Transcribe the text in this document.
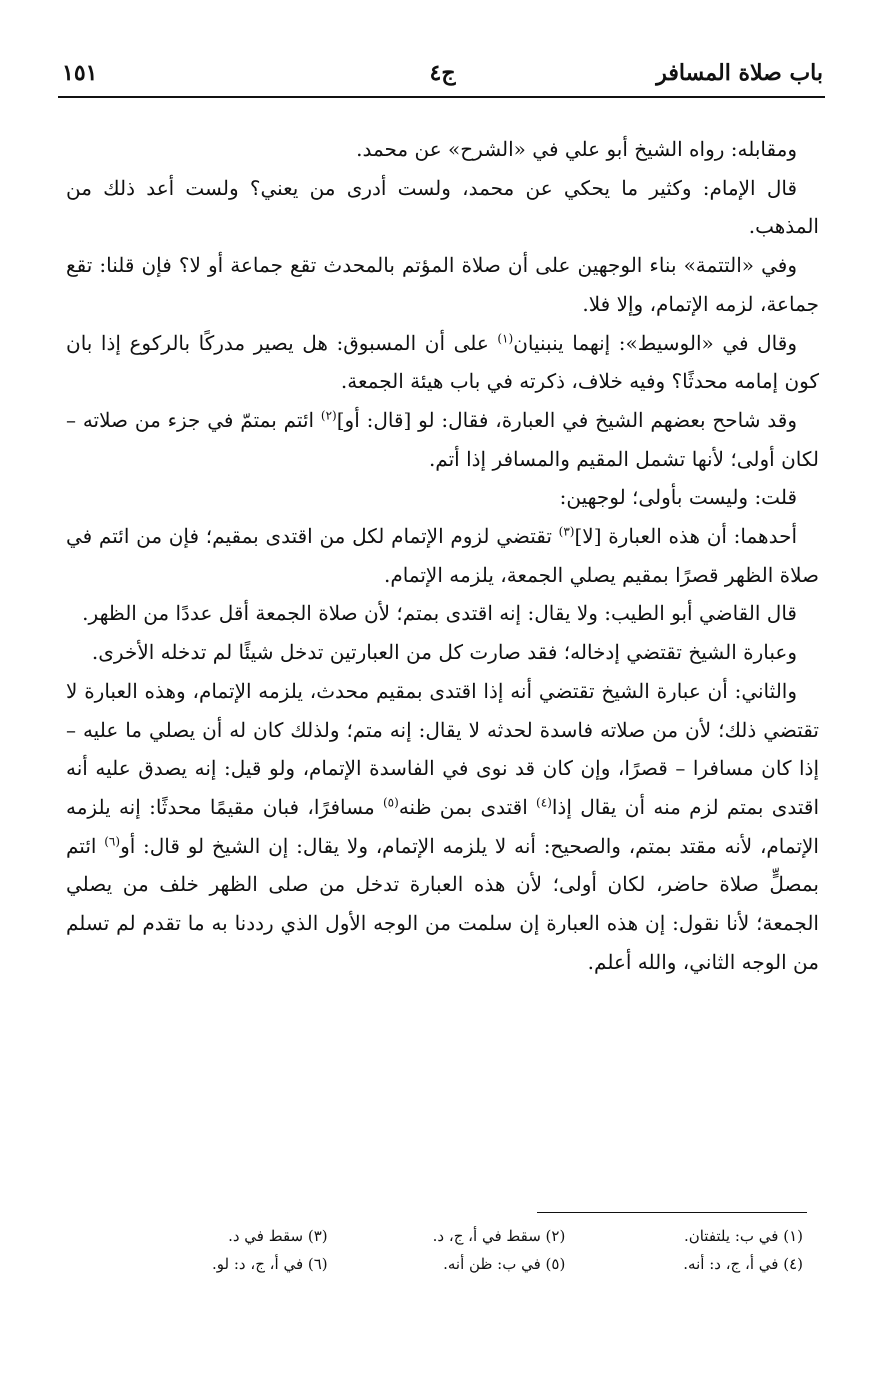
باب صلاة المسافر
ج٤
١٥١

ومقابله: رواه الشيخ أبو علي في «الشرح» عن محمد.

قال الإمام: وكثير ما يحكي عن محمد، ولست أدرى من يعني؟ ولست أعد ذلك من المذهب.

وفي «التتمة» بناء الوجهين على أن صلاة المؤتم بالمحدث تقع جماعة أو لا؟ فإن قلنا: تقع جماعة، لزمه الإتمام، وإلا فلا.

وقال في «الوسيط»: إنهما ينبنيان$^{(١)}$ على أن المسبوق: هل يصير مدركًا بالركوع إذا بان كون إمامه محدثًا؟ وفيه خلاف، ذكرته في باب هيئة الجمعة.

وقد شاحح بعضهم الشيخ في العبارة، فقال: لو [قال: أو]$^{(٢)}$ ائتم بمتمّ في جزء من صلاته – لكان أولى؛ لأنها تشمل المقيم والمسافر إذا أتم.

قلت: وليست بأولى؛ لوجهين:

أحدهما: أن هذه العبارة [لا]$^{(٣)}$ تقتضي لزوم الإتمام لكل من اقتدى بمقيم؛ فإن من ائتم في صلاة الظهر قصرًا بمقيم يصلي الجمعة، يلزمه الإتمام.

قال القاضي أبو الطيب: ولا يقال: إنه اقتدى بمتم؛ لأن صلاة الجمعة أقل عددًا من الظهر.

وعبارة الشيخ تقتضي إدخاله؛ فقد صارت كل من العبارتين تدخل شيئًا لم تدخله الأخرى.

والثاني: أن عبارة الشيخ تقتضي أنه إذا اقتدى بمقيم محدث، يلزمه الإتمام، وهذه العبارة لا تقتضي ذلك؛ لأن من صلاته فاسدة لحدثه لا يقال: إنه متم؛ ولذلك كان له أن يصلي ما عليه – إذا كان مسافرا – قصرًا، وإن كان قد نوى في الفاسدة الإتمام، ولو قيل: إنه يصدق عليه أنه اقتدى بمتم لزم منه أن يقال إذا$^{(٤)}$ اقتدى بمن ظنه$^{(٥)}$ مسافرًا، فبان مقيمًا محدثًا: إنه يلزمه الإتمام، لأنه مقتد بمتم، والصحيح: أنه لا يلزمه الإتمام، ولا يقال: إن الشيخ لو قال: أو$^{(٦)}$ ائتم بمصلٍّ صلاة حاضر، لكان أولى؛ لأن هذه العبارة تدخل من صلى الظهر خلف من يصلي الجمعة؛ لأنا نقول: إن هذه العبارة إن سلمت من الوجه الأول الذي رددنا به ما تقدم لم تسلم من الوجه الثاني، والله أعلم.

(١) في ب: يلتفتان.
(٢) سقط في أ، ج، د.
(٣) سقط في د.
(٤) في أ، ج، د: أنه.
(٥) في ب: ظن أنه.
(٦) في أ، ج، د: لو.
